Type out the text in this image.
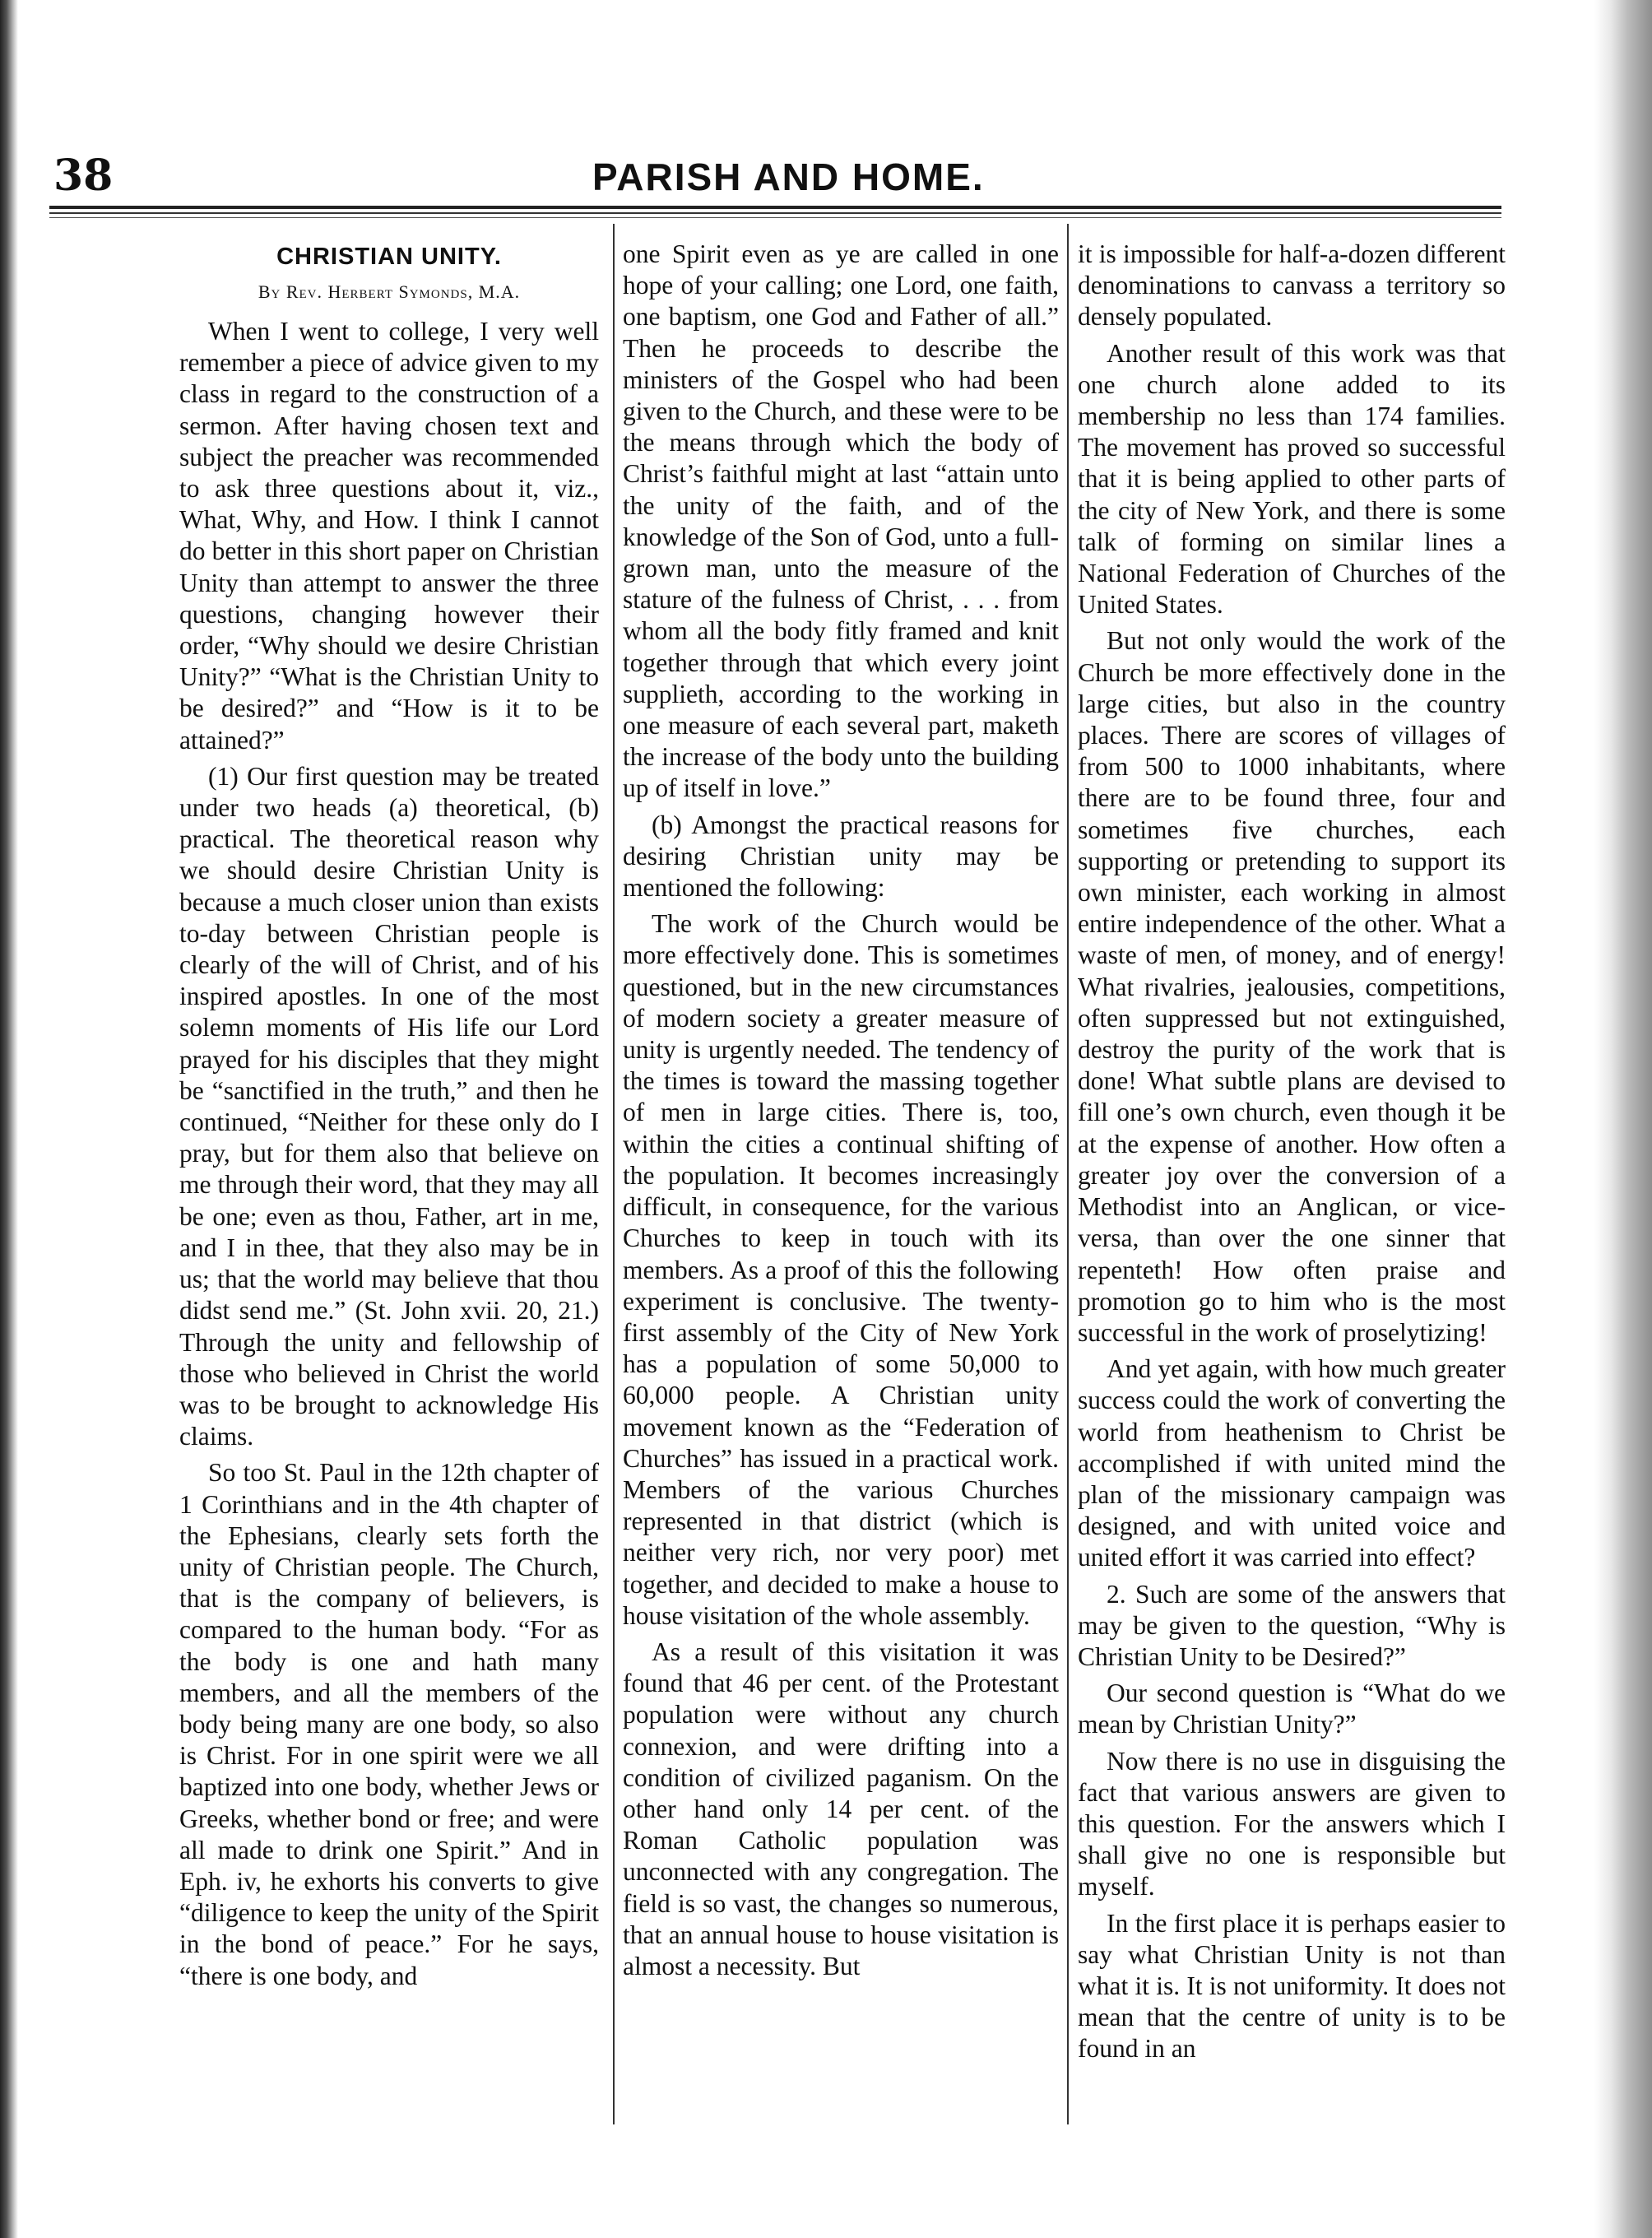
38	PARISH AND HOME.
CHRISTIAN UNITY.
By Rev. Herbert Symonds, M.A.

When I went to college, I very well remember a piece of advice given to my class in regard to the construction of a sermon. After having chosen text and subject the preacher was recommended to ask three questions about it, viz., What, Why, and How. I think I cannot do better in this short paper on Christian Unity than attempt to answer the three questions, changing however their order, “Why should we desire Christian Unity?” “What is the Christian Unity to be desired?” and “How is it to be attained?”

(1) Our first question may be treated under two heads (a) theoretical, (b) practical. The theoretical reason why we should desire Christian Unity is because a much closer union than exists to-day between Christian people is clearly of the will of Christ, and of his inspired apostles. In one of the most solemn moments of His life our Lord prayed for his disciples that they might be “sanctified in the truth,” and then he continued, “Neither for these only do I pray, but for them also that believe on me through their word, that they may all be one; even as thou, Father, art in me, and I in thee, that they also may be in us; that the world may believe that thou didst send me.” (St. John xvii. 20, 21.) Through the unity and fellowship of those who believed in Christ the world was to be brought to acknowledge His claims.

So too St. Paul in the 12th chapter of 1 Corinthians and in the 4th chapter of the Ephesians, clearly sets forth the unity of Christian people. The Church, that is the company of believers, is compared to the human body. “For as the body is one and hath many members, and all the members of the body being many are one body, so also is Christ. For in one spirit were we all baptized into one body, whether Jews or Greeks, whether bond or free; and were all made to drink one Spirit.” And in Eph. iv, he exhorts his converts to give “diligence to keep the unity of the Spirit in the bond of peace.” For he says, “there is one body, and

one Spirit even as ye are called in one hope of your calling; one Lord, one faith, one baptism, one God and Father of all.” Then he proceeds to describe the ministers of the Gospel who had been given to the Church, and these were to be the means through which the body of Christ’s faithful might at last “attain unto the unity of the faith, and of the knowledge of the Son of God, unto a full-grown man, unto the measure of the stature of the fulness of Christ, . . . from whom all the body fitly framed and knit together through that which every joint supplieth, according to the working in one measure of each several part, maketh the increase of the body unto the building up of itself in love.”

(b) Amongst the practical reasons for desiring Christian unity may be mentioned the following:

The work of the Church would be more effectively done. This is sometimes questioned, but in the new circumstances of modern society a greater measure of unity is urgently needed. The tendency of the times is toward the massing together of men in large cities. There is, too, within the cities a continual shifting of the population. It becomes increasingly difficult, in consequence, for the various Churches to keep in touch with its members. As a proof of this the following experiment is conclusive. The twenty-first assembly of the City of New York has a population of some 50,000 to 60,000 people. A Christian unity movement known as the “Federation of Churches” has issued in a practical work. Members of the various Churches represented in that district (which is neither very rich, nor very poor) met together, and decided to make a house to house visitation of the whole assembly.

As a result of this visitation it was found that 46 per cent. of the Protestant population were without any church connexion, and were drifting into a condition of civilized paganism. On the other hand only 14 per cent. of the Roman Catholic population was unconnected with any congregation. The field is so vast, the changes so numerous, that an annual house to house visitation is almost a necessity. But

it is impossible for half-a-dozen different denominations to canvass a territory so densely populated.

Another result of this work was that one church alone added to its membership no less than 174 families. The movement has proved so successful that it is being applied to other parts of the city of New York, and there is some talk of forming on similar lines a National Federation of Churches of the United States.

But not only would the work of the Church be more effectively done in the large cities, but also in the country places. There are scores of villages of from 500 to 1000 inhabitants, where there are to be found three, four and sometimes five churches, each supporting or pretending to support its own minister, each working in almost entire independence of the other. What a waste of men, of money, and of energy! What rivalries, jealousies, competitions, often suppressed but not extinguished, destroy the purity of the work that is done! What subtle plans are devised to fill one’s own church, even though it be at the expense of another. How often a greater joy over the conversion of a Methodist into an Anglican, or vice-versa, than over the one sinner that repenteth! How often praise and promotion go to him who is the most successful in the work of proselytizing!

And yet again, with how much greater success could the work of converting the world from heathenism to Christ be accomplished if with united mind the plan of the missionary campaign was designed, and with united voice and united effort it was carried into effect?

2. Such are some of the answers that may be given to the question, “Why is Christian Unity to be Desired?”

Our second question is “What do we mean by Christian Unity?”

Now there is no use in disguising the fact that various answers are given to this question. For the answers which I shall give no one is responsible but myself.

In the first place it is perhaps easier to say what Christian Unity is not than what it is. It is not uniformity. It does not mean that the centre of unity is to be found in an
